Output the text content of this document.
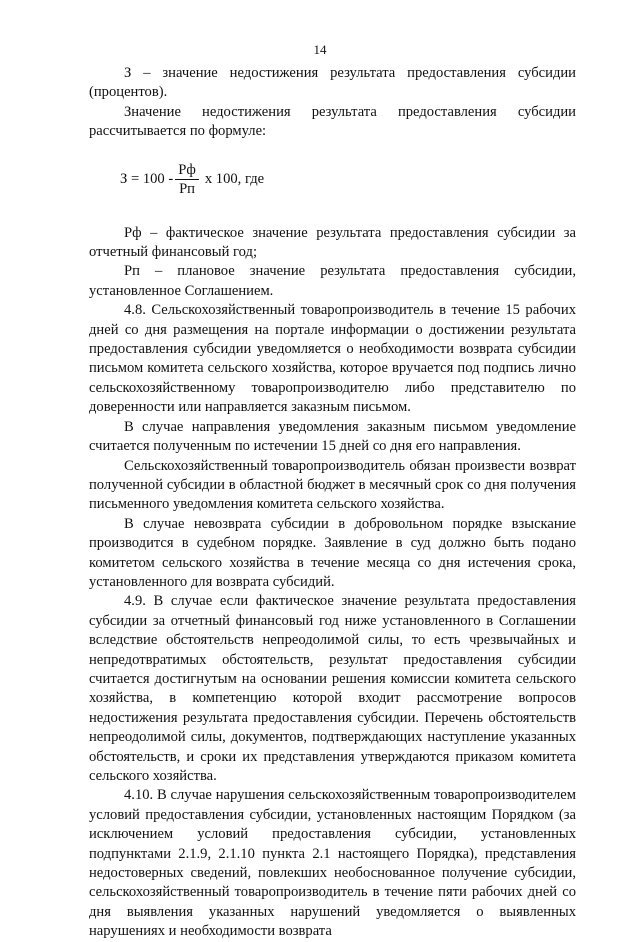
14

З – значение недостижения результата предоставления субсидии (процентов).

Значение недостижения результата предоставления субсидии рассчитывается по формуле:

$З = 100 - \frac{Рф}{Рп}$ х 100, где

Рф – фактическое значение результата предоставления субсидии за отчетный финансовый год;

Рп – плановое значение результата предоставления субсидии, установленное Соглашением.

4.8. Сельскохозяйственный товаропроизводитель в течение 15 рабочих дней со дня размещения на портале информации о достижении результата предоставления субсидии уведомляется о необходимости возврата субсидии письмом комитета сельского хозяйства, которое вручается под подпись лично сельскохозяйственному товаропроизводителю либо представителю по доверенности или направляется заказным письмом.

В случае направления уведомления заказным письмом уведомление считается полученным по истечении 15 дней со дня его направления.

Сельскохозяйственный товаропроизводитель обязан произвести возврат полученной субсидии в областной бюджет в месячный срок со дня получения письменного уведомления комитета сельского хозяйства.

В случае невозврата субсидии в добровольном порядке взыскание производится в судебном порядке. Заявление в суд должно быть подано комитетом сельского хозяйства в течение месяца со дня истечения срока, установленного для возврата субсидий.

4.9. В случае если фактическое значение результата предоставления субсидии за отчетный финансовый год ниже установленного в Соглашении вследствие обстоятельств непреодолимой силы, то есть чрезвычайных и непредотвратимых обстоятельств, результат предоставления субсидии считается достигнутым на основании решения комиссии комитета сельского хозяйства, в компетенцию которой входит рассмотрение вопросов недостижения результата предоставления субсидии. Перечень обстоятельств непреодолимой силы, документов, подтверждающих наступление указанных обстоятельств, и сроки их представления утверждаются приказом комитета сельского хозяйства.

4.10. В случае нарушения сельскохозяйственным товаропроизводителем условий предоставления субсидии, установленных настоящим Порядком (за исключением условий предоставления субсидии, установленных подпунктами 2.1.9, 2.1.10 пункта 2.1 настоящего Порядка), представления недостоверных сведений, повлекших необоснованное получение субсидии, сельскохозяйственный товаропроизводитель в течение пяти рабочих дней со дня выявления указанных нарушений уведомляется о выявленных нарушениях и необходимости возврата
